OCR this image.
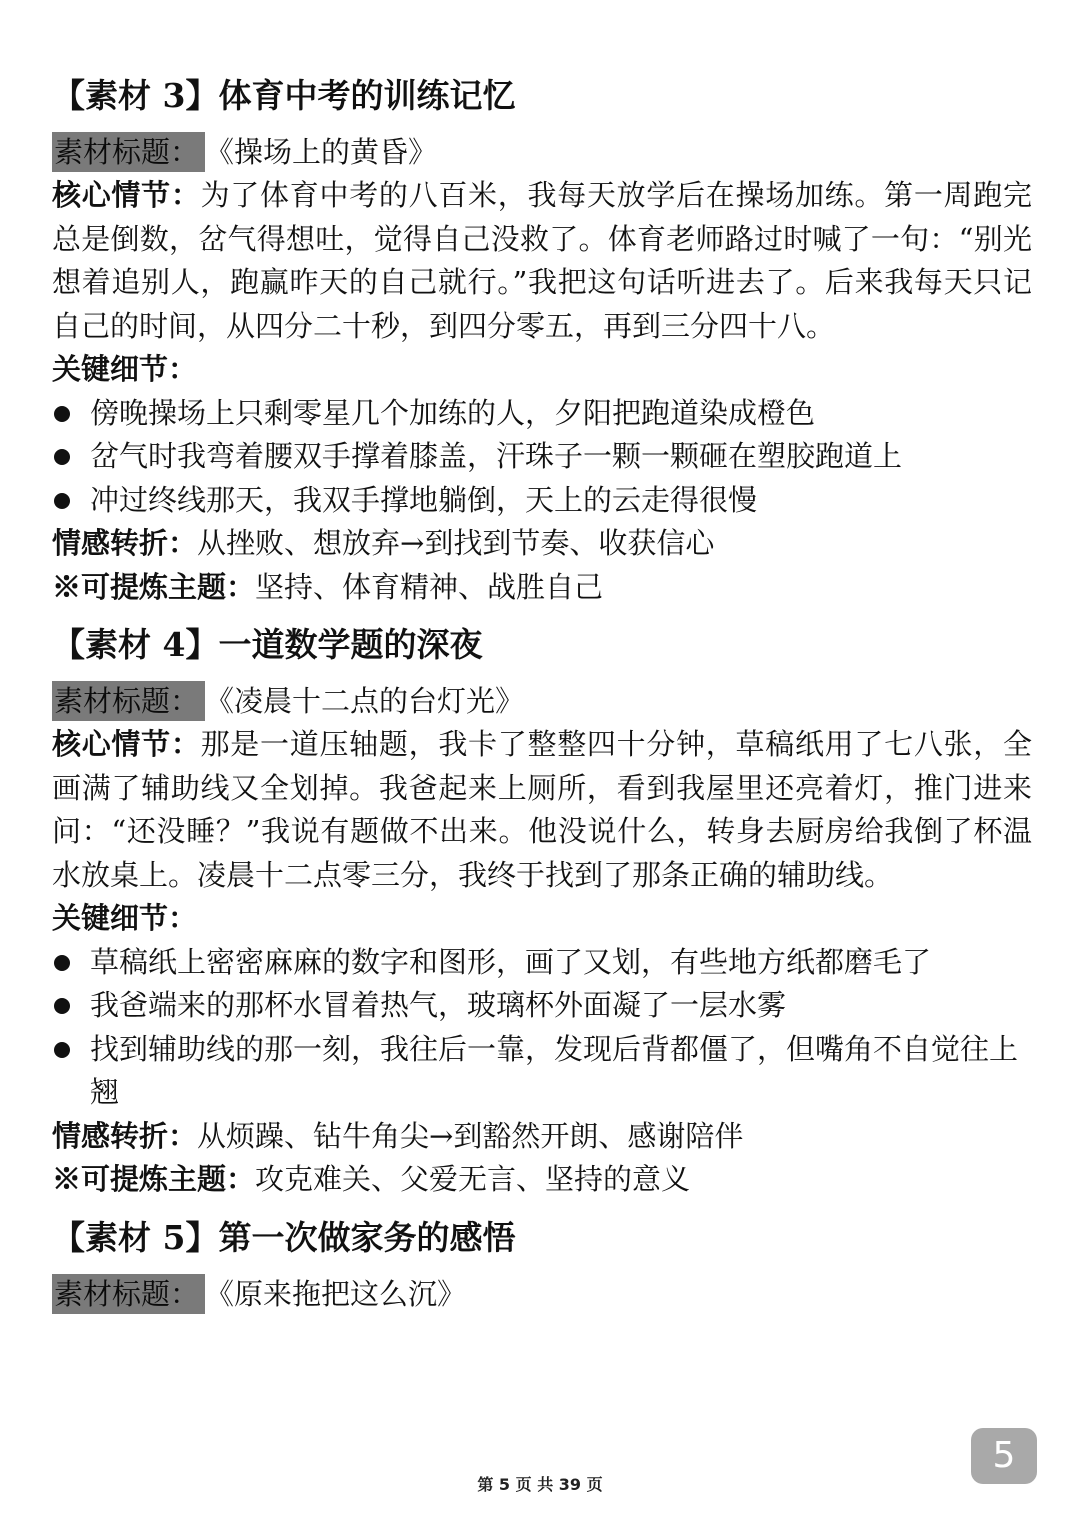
【素材 3】体育中考的训练记忆
素材标题： 《操场上的黄昏》

核心情节：为了体育中考的八百米，我每天放学后在操场加练。第一周跑完总是倒数，岔气得想吐，觉得自己没救了。体育老师路过时喊了一句：“别光想着追别人，跑赢昨天的自己就行。”我把这句话听进去了。后来我每天只记自己的时间，从四分二十秒，到四分零五，再到三分四十八。

关键细节：

傍晚操场上只剩零星几个加练的人，夕阳把跑道染成橙色
岔气时我弯着腰双手撑着膝盖，汗珠子一颗一颗砸在塑胶跑道上
冲过终线那天，我双手撑地躺倒，天上的云走得很慢

情感转折：从挫败、想放弃→到找到节奏、收获信心

※可提炼主题：坚持、体育精神、战胜自己

【素材 4】一道数学题的深夜
素材标题： 《凌晨十二点的台灯光》

核心情节：那是一道压轴题，我卡了整整四十分钟，草稿纸用了七八张，全画满了辅助线又全划掉。我爸起来上厕所，看到我屋里还亮着灯，推门进来问：“还没睡？”我说有题做不出来。他没说什么，转身去厨房给我倒了杯温水放桌上。凌晨十二点零三分，我终于找到了那条正确的辅助线。

关键细节：

草稿纸上密密麻麻的数字和图形，画了又划，有些地方纸都磨毛了
我爸端来的那杯水冒着热气，玻璃杯外面凝了一层水雾
找到辅助线的那一刻，我往后一靠，发现后背都僵了，但嘴角不自觉往上翘

情感转折：从烦躁、钻牛角尖→到豁然开朗、感谢陪伴

※可提炼主题：攻克难关、父爱无言、坚持的意义

【素材 5】第一次做家务的感悟
素材标题： 《原来拖把这么沉》
5
第 5 页 共 39 页
